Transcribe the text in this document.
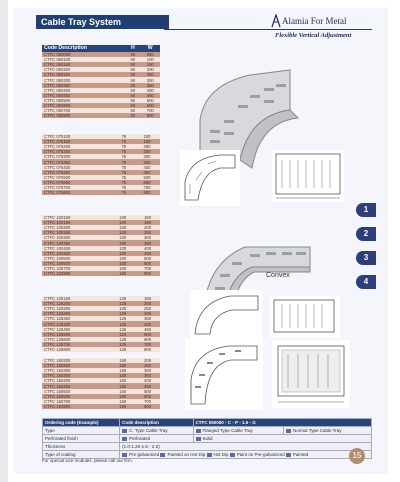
Cable Tray System	Alamia For Metal
Flexible Vertical Adjustment
Code Description	H	W
CTFC 050050	50	050
CTFC 050100	50	100
CTFC 050150	50	150
CTFC 050200	50	200
CTFC 050250	50	250
CTFC 050300	50	300
CTFC 050350	50	350
CTFC 050400	50	400
CTFC 050450	50	450
CTFC 050500	50	500
CTFC 050600	50	600
CTFC 050700	50	700
CTFC 050800	50	800
CTFC 075100	75	100
CTFC 075150	75	150
CTFC 075200	75	200
CTFC 075250	75	250
CTFC 075300	75	300
CTFC 075350	75	350
CTFC 075400	75	400
CTFC 075450	75	450
CTFC 075500	75	500
CTFC 075600	75	600
CTFC 075700	75	700
CTFC 075800	75	800
CTFC 100150	100	150
CTFC 100150	100	150
CTFC 100200	100	200
CTFC 100250	100	250
CTFC 100300	100	300
CTFC 100350	100	350
CTFC 100400	100	400
CTFC 100450	100	450
CTFC 100500	100	500
CTFC 100600	100	600
CTFC 100700	100	700
CTFC 100800	100	800
CTFC 125150	125	150
CTFC 125200	125	200
CTFC 125250	125	250
CTFC 125300	125	300
CTFC 125350	125	350
CTFC 125400	125	400
CTFC 125450	125	450
CTFC 125500	125	500
CTFC 125600	125	600
CTFC 125700	125	700
CTFC 125800	125	800
CTFC 150200	150	200
CTFC 150250	150	250
CTFC 150300	150	300
CTFC 150350	150	350
CTFC 150400	150	400
CTFC 150450	150	450
CTFC 150500	150	500
CTFC 150600	150	600
CTFC 150700	150	700
CTFC 150800	150	800
Convex
1
2
3
4
Ordering code (Example)	Code description	CTFC 050050 - C - P - 1.5 - G	
Type	C: Type Cable Tray	Flanged Type Cable Tray	Normal Type Cable Tray
Perforated finish	Perforated	Solid	
Thickness	(1.0-1.25-1.5 - 2.0)		
Type of coating	Pre-galvanized Painted on Hot Dip Hot Dip Paint on Pre-galvanized Painted		
For special size modules, please call our firm.
15
